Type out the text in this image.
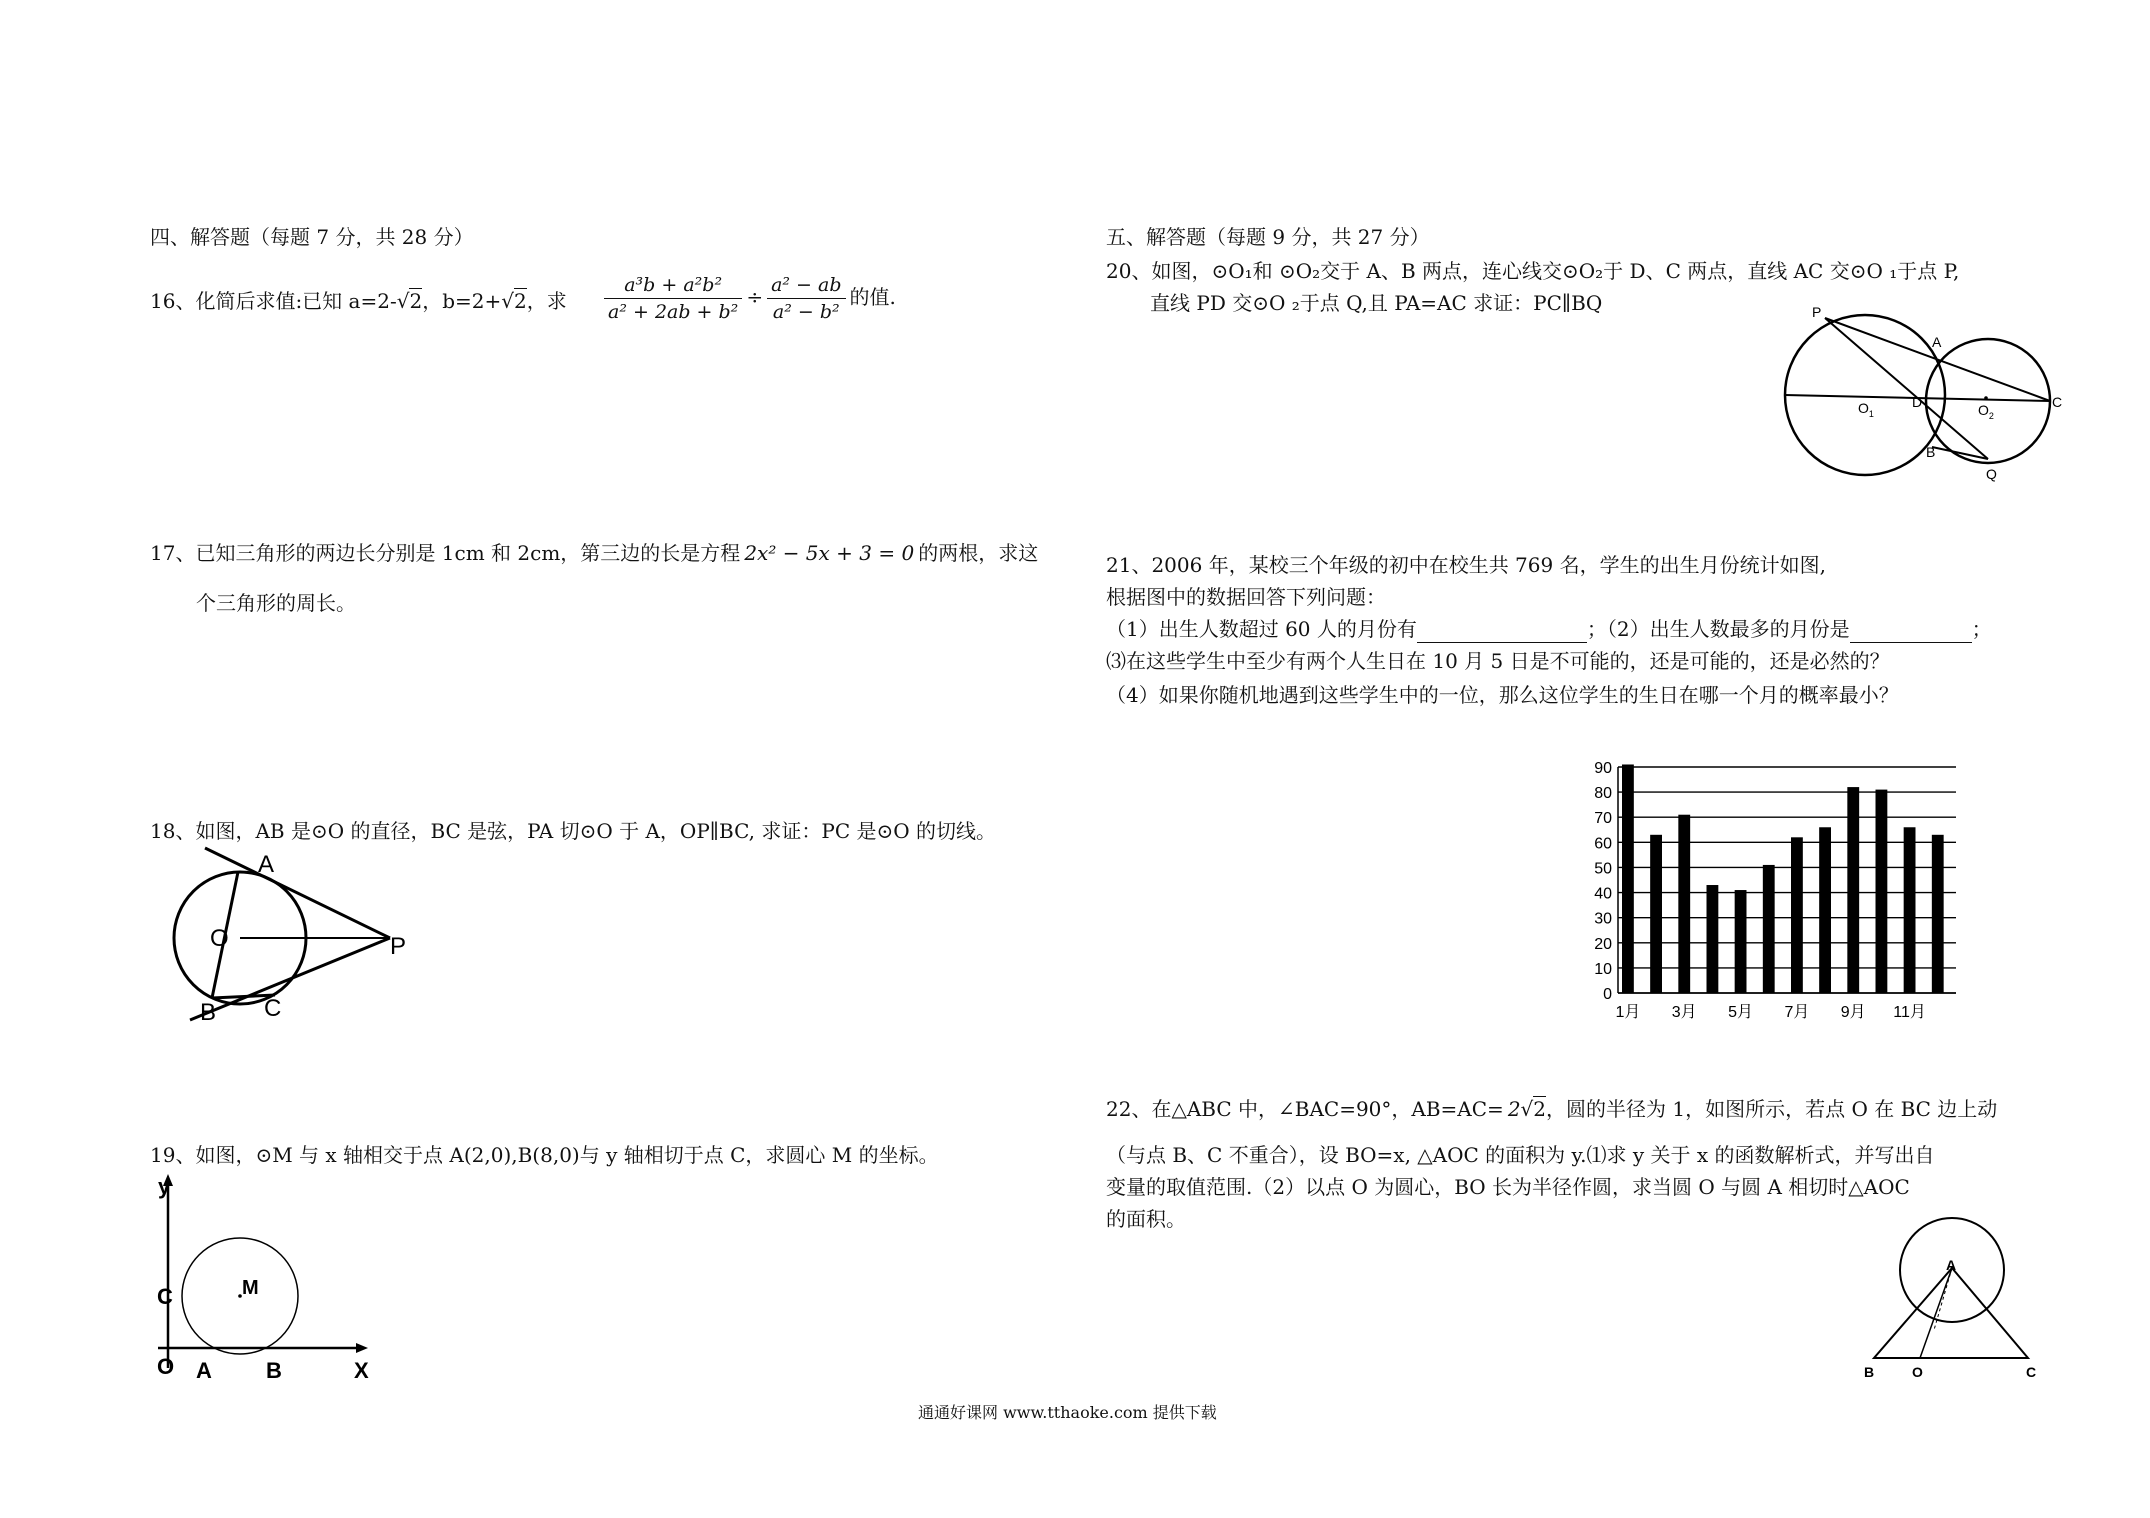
四、解答题（每题 7 分，共 28 分）
16、化简后求值:已知 a=2-√2，b=2+√2，求 $\frac{\text{a³b + a²b²}}{\text{a² + 2ab + b²}} \div \frac{\text{a² − ab}}{\text{a² − b²}}$ 的值.
17、已知三角形的两边长分别是 1cm 和 2cm，第三边的长是方程 2x² − 5x + 3 = 0 的两根，求这
个三角形的周长。
18、如图，AB 是⊙O 的直径，BC 是弦，PA 切⊙O 于 A，OP∥BC, 求证：PC 是⊙O 的切线。
A
O	P
B C
19、如图，⊙M 与 x 轴相交于点 A(2,0),B(8,0)与 y 轴相切于点 C，求圆心 M 的坐标。
y
C	M
O A B	X
五、解答题（每题 9 分，共 27 分）
20、如图，⊙O₁和 ⊙O₂交于 A、B 两点，连心线交⊙O₂于 D、C 两点，直线 AC 交⊙O ₁于点 P,
直线 PD 交⊙O ₂于点 Q,且 PA=AC 求证：PC∥BQ	P
A
$O_1$
D	$O_2$
C
B
Q
21、2006 年，某校三个年级的初中在校生共 769 名，学生的出生月份统计如图,
根据图中的数据回答下列问题：
（1）出生人数超过 60 人的月份有	；（2）出生人数最多的月份是	；
⑶在这些学生中至少有两个人生日在 10 月 5 日是不可能的，还是可能的，还是必然的？
（4）如果你随机地遇到这些学生中的一位，那么这位学生的生日在哪一个月的概率最小？
0
10
20
30
40
50
60
70
80
90
1月 3月 5月 7月 9月 11月
22、在△ABC 中，∠BAC=90°，AB=AC= 2√2，圆的半径为 1，如图所示，若点 O 在 BC 边上动
（与点 B、C 不重合），设 BO=x, △AOC 的面积为 y.⑴求 y 关于 x 的函数解析式，并写出自
变量的取值范围.（2）以点 O 为圆心，BO 长为半径作圆，求当圆 O 与圆 A 相切时△AOC
的面积。
A
B	O	C
通通好课网 www.tthaoke.com 提供下载
